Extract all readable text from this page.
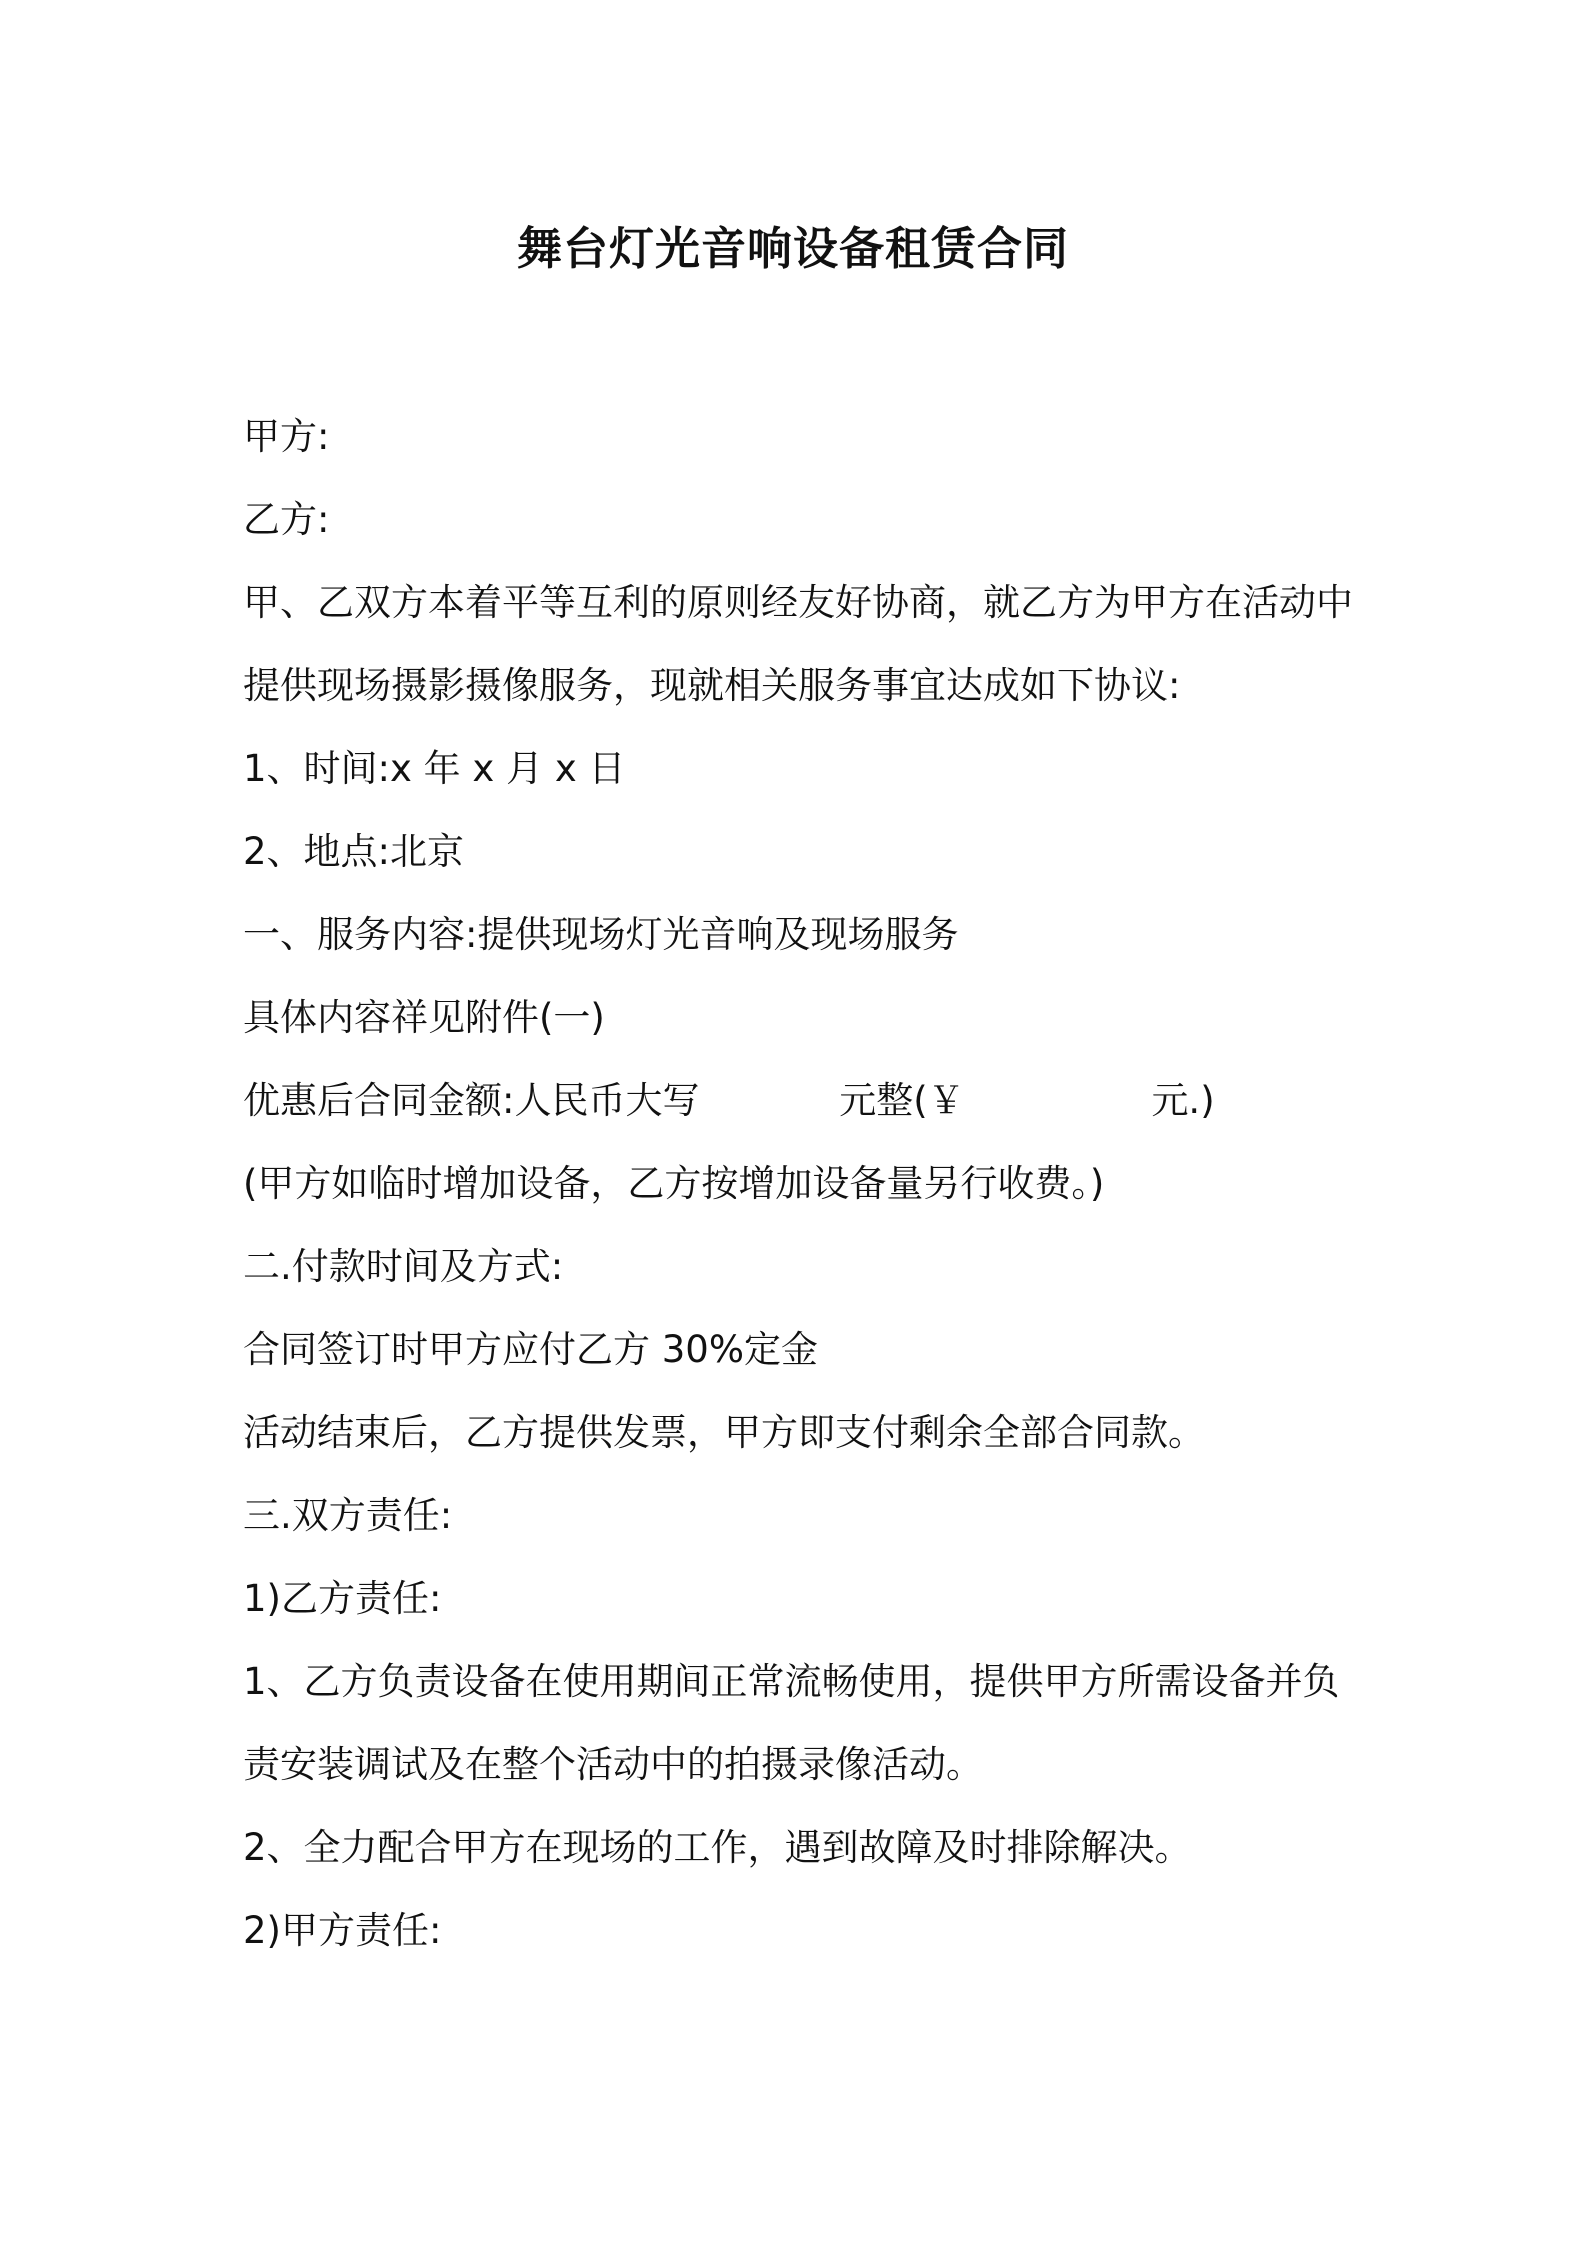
舞台灯光音响设备租赁合同
甲方:
乙方:
甲、乙双方本着平等互利的原则经友好协商，就乙方为甲方在活动中
提供现场摄影摄像服务，现就相关服务事宜达成如下协议:
1、时间:x 年 x 月 x 日
2、地点:北京
一、服务内容:提供现场灯光音响及现场服务
具体内容祥见附件(一)
优惠后合同金额:人民币大写	元整(￥	元.)
(甲方如临时增加设备，乙方按增加设备量另行收费。)
二.付款时间及方式:
合同签订时甲方应付乙方 30%定金
活动结束后，乙方提供发票，甲方即支付剩余全部合同款。
三.双方责任:
1)乙方责任:
1、乙方负责设备在使用期间正常流畅使用，提供甲方所需设备并负
责安装调试及在整个活动中的拍摄录像活动。
2、全力配合甲方在现场的工作，遇到故障及时排除解决。
2)甲方责任:
